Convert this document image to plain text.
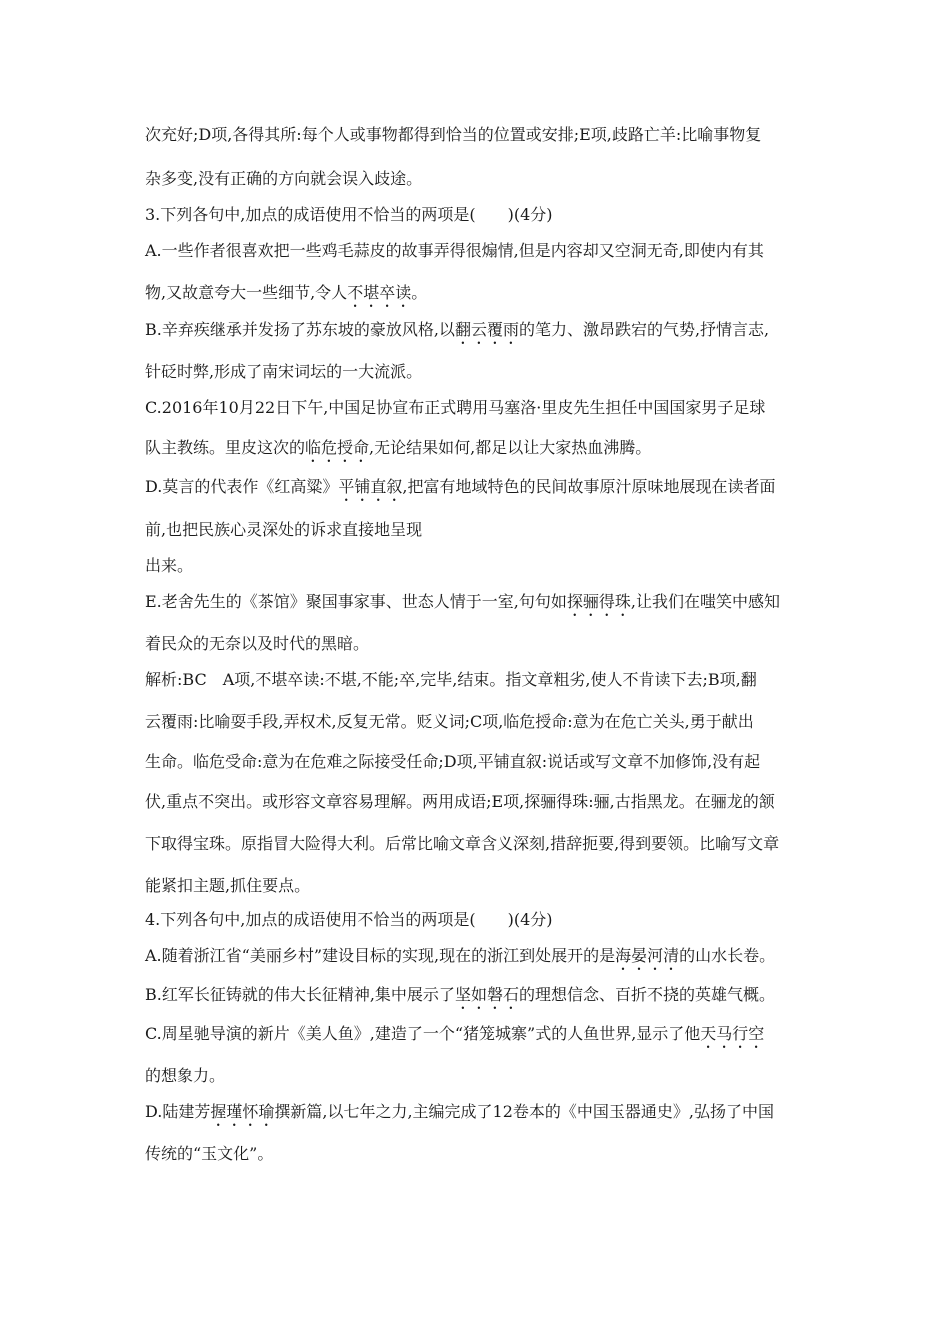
次充好;D项,各得其所:每个人或事物都得到恰当的位置或安排;E项,歧路亡羊:比喻事物复
杂多变,没有正确的方向就会误入歧途。
3.下列各句中,加点的成语使用不恰当的两项是(　　)(4分)
A.一些作者很喜欢把一些鸡毛蒜皮的故事弄得很煽情,但是内容却又空洞无奇,即使内有其
物,又故意夸大一些细节,令人不堪卒读。
B.辛弃疾继承并发扬了苏东坡的豪放风格,以翻云覆雨的笔力、激昂跌宕的气势,抒情言志,
针砭时弊,形成了南宋词坛的一大流派。
C.2016年10月22日下午,中国足协宣布正式聘用马塞洛·里皮先生担任中国国家男子足球
队主教练。里皮这次的临危授命,无论结果如何,都足以让大家热血沸腾。
D.莫言的代表作《红高粱》平铺直叙,把富有地域特色的民间故事原汁原味地展现在读者面
前,也把民族心灵深处的诉求直接地呈现
出来。
E.老舍先生的《茶馆》聚国事家事、世态人情于一室,句句如探骊得珠,让我们在嗤笑中感知
着民众的无奈以及时代的黑暗。
解析:BC　A项,不堪卒读:不堪,不能;卒,完毕,结束。指文章粗劣,使人不肯读下去;B项,翻
云覆雨:比喻耍手段,弄权术,反复无常。贬义词;C项,临危授命:意为在危亡关头,勇于献出
生命。临危受命:意为在危难之际接受任命;D项,平铺直叙:说话或写文章不加修饰,没有起
伏,重点不突出。或形容文章容易理解。两用成语;E项,探骊得珠:骊,古指黑龙。在骊龙的颔
下取得宝珠。原指冒大险得大利。后常比喻文章含义深刻,措辞扼要,得到要领。比喻写文章
能紧扣主题,抓住要点。
4.下列各句中,加点的成语使用不恰当的两项是(　　)(4分)
A.随着浙江省“美丽乡村”建设目标的实现,现在的浙江到处展开的是海晏河清的山水长卷。
B.红军长征铸就的伟大长征精神,集中展示了坚如磐石的理想信念、百折不挠的英雄气概。
C.周星驰导演的新片《美人鱼》,建造了一个“猪笼城寨”式的人鱼世界,显示了他天马行空
的想象力。
D.陆建芳握瑾怀瑜撰新篇,以七年之力,主编完成了12卷本的《中国玉器通史》,弘扬了中国
传统的“玉文化”。
